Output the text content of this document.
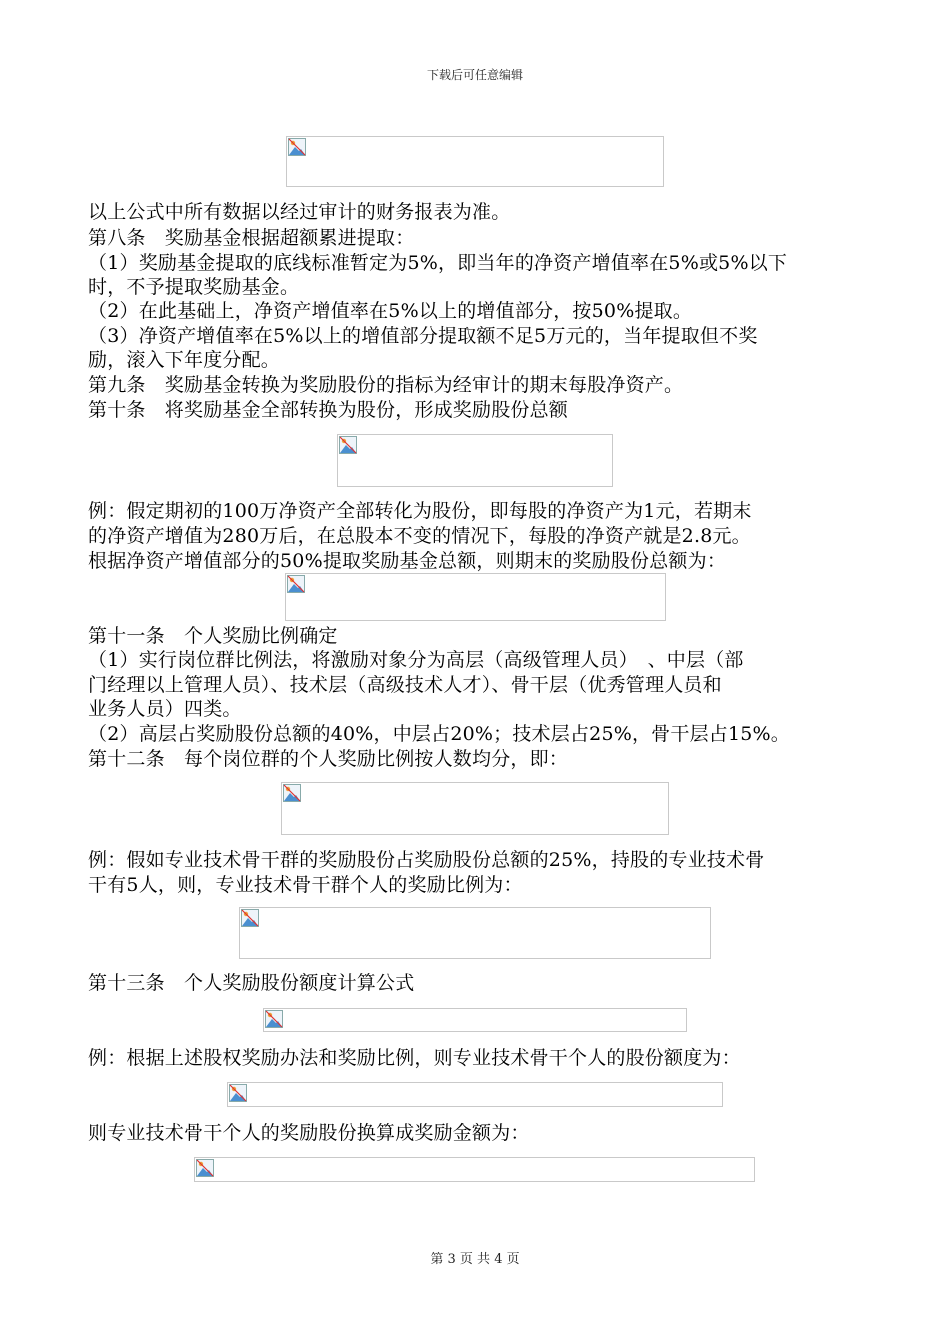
下载后可任意编辑
以上公式中所有数据以经过审计的财务报表为准。
第八条　奖励基金根据超额累进提取：
（1）奖励基金提取的底线标准暂定为5%，即当年的净资产增值率在5%或5%以下
时，不予提取奖励基金。
（2）在此基础上，净资产增值率在5%以上的增值部分，按50%提取。
（3）净资产增值率在5%以上的增值部分提取额不足5万元的，当年提取但不奖
励，滚入下年度分配。
第九条　奖励基金转换为奖励股份的指标为经审计的期末每股净资产。
第十条　将奖励基金全部转换为股份，形成奖励股份总额
例：假定期初的100万净资产全部转化为股份，即每股的净资产为1元，若期末
的净资产增值为280万后，在总股本不变的情况下，每股的净资产就是2.8元。
根据净资产增值部分的50%提取奖励基金总额，则期末的奖励股份总额为：
第十一条　个人奖励比例确定
（1）实行岗位群比例法，将激励对象分为高层（高级管理人员）　、中层（部
门经理以上管理人员）、技术层（高级技术人才）、骨干层（优秀管理人员和
业务人员）四类。
（2）高层占奖励股份总额的40%，中层占20%；技术层占25%，骨干层占15%。
第十二条　每个岗位群的个人奖励比例按人数均分，即：
例：假如专业技术骨干群的奖励股份占奖励股份总额的25%，持股的专业技术骨
干有5人，则，专业技术骨干群个人的奖励比例为：
第十三条　个人奖励股份额度计算公式
例：根据上述股权奖励办法和奖励比例，则专业技术骨干个人的股份额度为：
则专业技术骨干个人的奖励股份换算成奖励金额为：
第 3 页 共 4 页
